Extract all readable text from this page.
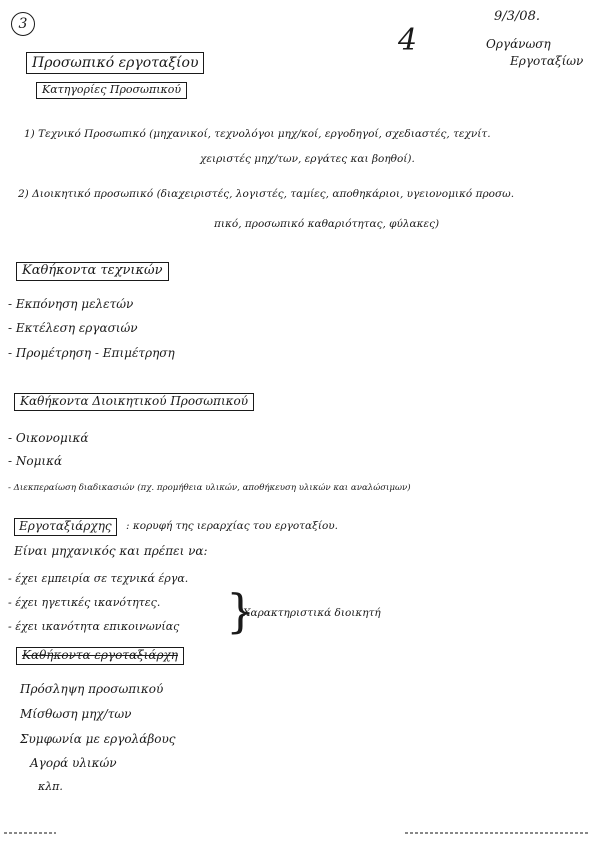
3	4
9/3/08.
Οργάνωση
Εργοταξίων
Προσωπικό εργοταξίου
Κατηγορίες Προσωπικού
1) Τεχνικό Προσωπικό (μηχανικοί, τεχνολόγοι μηχ/κοί, εργοδηγοί, σχεδιαστές, τεχνίτ.
χειριστές μηχ/των, εργάτες και βοηθοί).
2) Διοικητικό προσωπικό (διαχειριστές, λογιστές, ταμίες, αποθηκάριοι, υγειονομικό προσω.
πικό, προσωπικό καθαριότητας, φύλακες)
Καθήκοντα τεχνικών
- Εκπόνηση μελετών
- Εκτέλεση εργασιών
- Προμέτρηση - Επιμέτρηση
Καθήκοντα Διοικητικού Προσωπικού
- Οικονομικά
- Νομικά
- Διεκπεραίωση διαδικασιών (πχ. προμήθεια υλικών, αποθήκευση υλικών και αναλώσιμων)
Εργοταξιάρχης	: κορυφή της ιεραρχίας του εργοταξίου.
Είναι μηχανικός και πρέπει να:
- έχει εμπειρία σε τεχνικά έργα.
- έχει ηγετικές ικανότητες.
- έχει ικανότητα επικοινωνίας }
Χαρακτηριστικά διοικητή
Καθήκοντα εργοταξιάρχη
Πρόσληψη προσωπικού
Μίσθωση μηχ/των
Συμφωνία με εργολάβους
Αγορά υλικών
κλπ.
